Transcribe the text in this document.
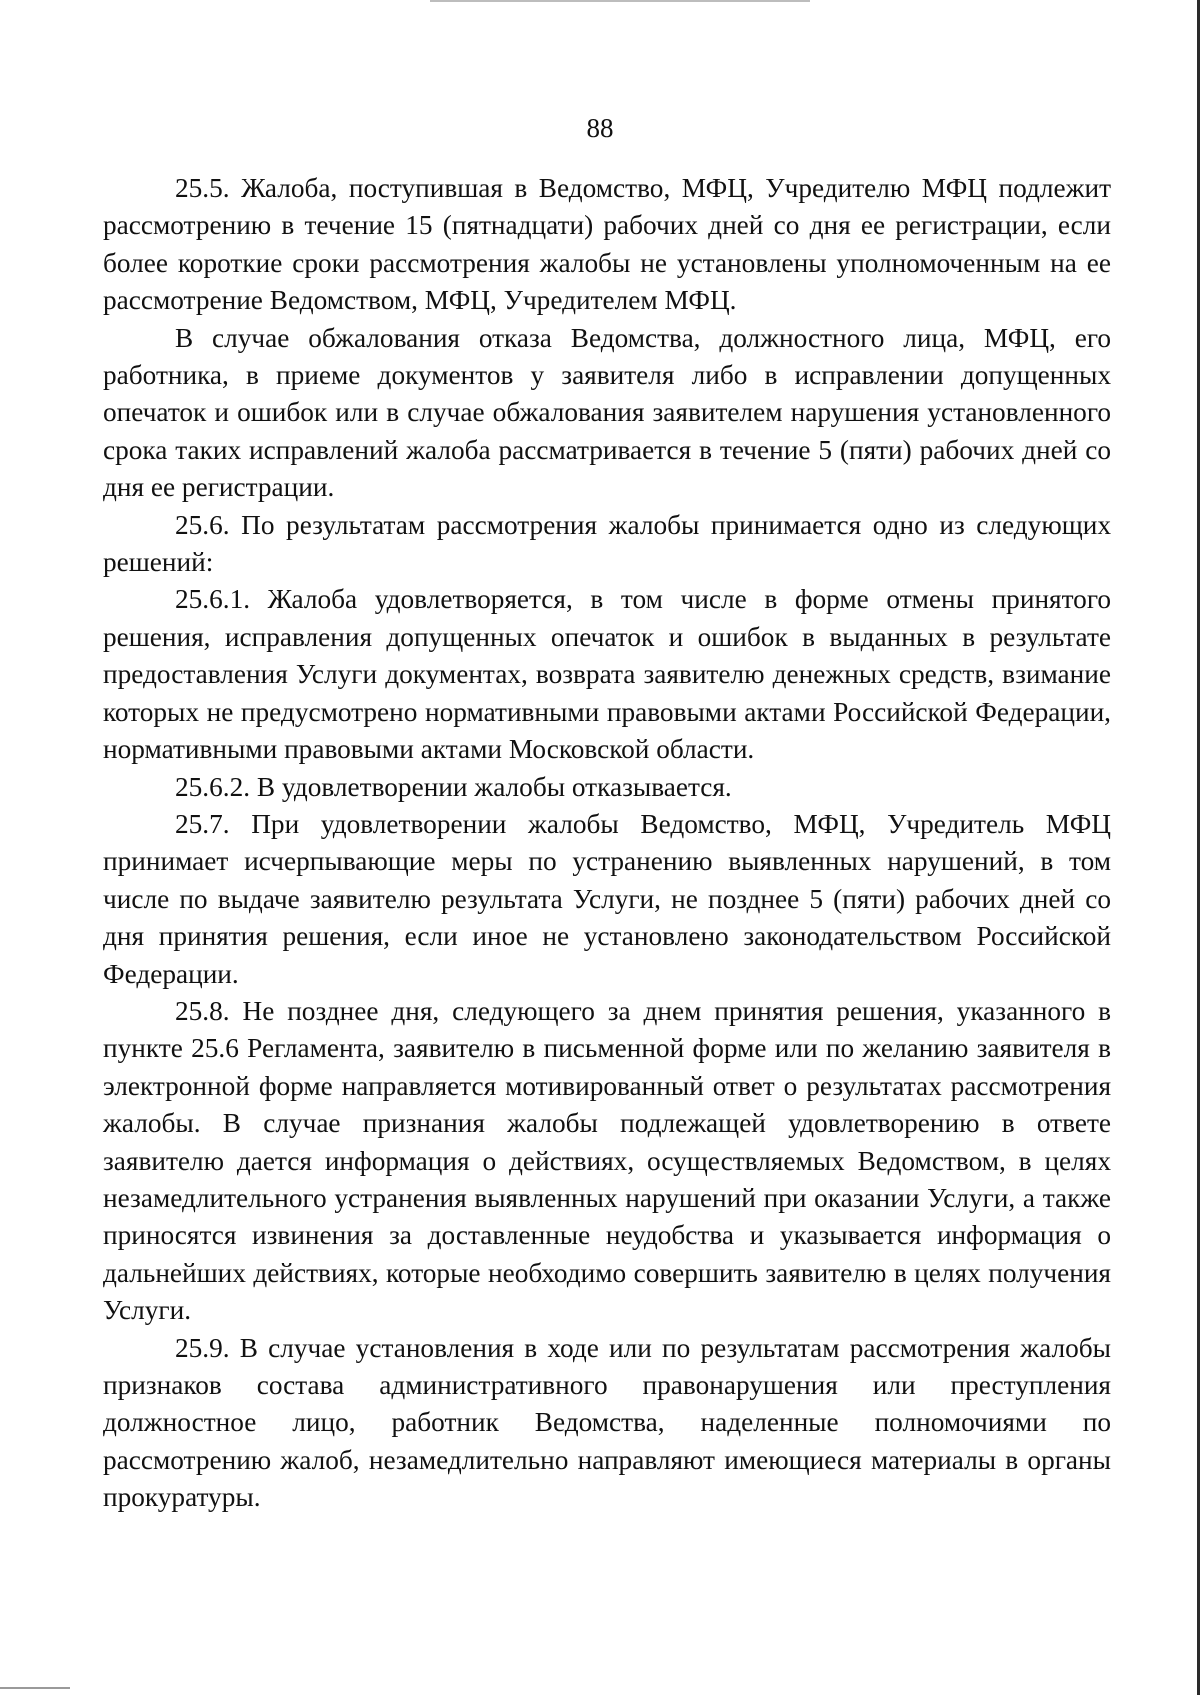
88

25.5. Жалоба, поступившая в Ведомство, МФЦ, Учредителю МФЦ подлежит рассмотрению в течение 15 (пятнадцати) рабочих дней со дня ее регистрации, если более короткие сроки рассмотрения жалобы не установлены уполномоченным на ее рассмотрение Ведомством, МФЦ, Учредителем МФЦ.

В случае обжалования отказа Ведомства, должностного лица, МФЦ, его работника, в приеме документов у заявителя либо в исправлении допущенных опечаток и ошибок или в случае обжалования заявителем нарушения установленного срока таких исправлений жалоба рассматривается в течение 5 (пяти) рабочих дней со дня ее регистрации.

25.6. По результатам рассмотрения жалобы принимается одно из следующих решений:

25.6.1. Жалоба удовлетворяется, в том числе в форме отмены принятого решения, исправления допущенных опечаток и ошибок в выданных в результате предоставления Услуги документах, возврата заявителю денежных средств, взимание которых не предусмотрено нормативными правовыми актами Российской Федерации, нормативными правовыми актами Московской области.

25.6.2. В удовлетворении жалобы отказывается.

25.7. При удовлетворении жалобы Ведомство, МФЦ, Учредитель МФЦ принимает исчерпывающие меры по устранению выявленных нарушений, в том числе по выдаче заявителю результата Услуги, не позднее 5 (пяти) рабочих дней со дня принятия решения, если иное не установлено законодательством Российской Федерации.

25.8. Не позднее дня, следующего за днем принятия решения, указанного в пункте 25.6 Регламента, заявителю в письменной форме или по желанию заявителя в электронной форме направляется мотивированный ответ о результатах рассмотрения жалобы. В случае признания жалобы подлежащей удовлетворению в ответе заявителю дается информация о действиях, осуществляемых Ведомством, в целях незамедлительного устранения выявленных нарушений при оказании Услуги, а также приносятся извинения за доставленные неудобства и указывается информация о дальнейших действиях, которые необходимо совершить заявителю в целях получения Услуги.

25.9. В случае установления в ходе или по результатам рассмотрения жалобы признаков состава административного правонарушения или преступления должностное лицо, работник Ведомства, наделенные полномочиями по рассмотрению жалоб, незамедлительно направляют имеющиеся материалы в органы прокуратуры.
